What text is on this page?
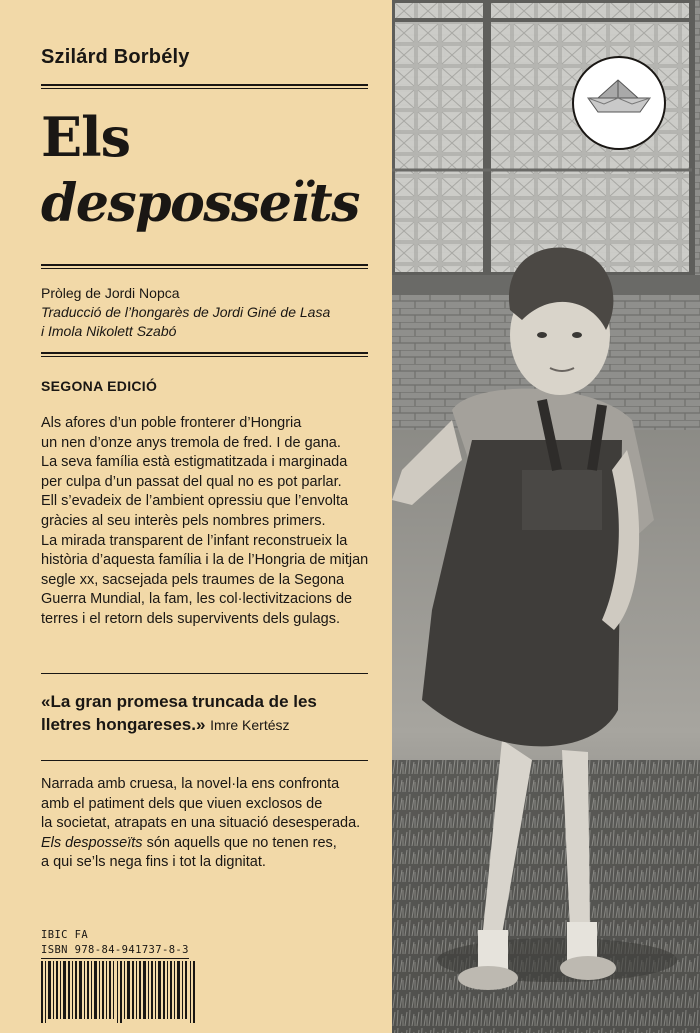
Szilárd Borbély
Els
desposseïts
Pròleg de Jordi Nopca
Traducció de l’hongarès de Jordi Giné de Lasa
i Imola Nikolett Szabó
SEGONA EDICIÓ
Als afores d’un poble fronterer d’Hongria
un nen d’onze anys tremola de fred. I de gana.
La seva família està estigmatitzada i marginada
per culpa d’un passat del qual no es pot parlar.
Ell s’evadeix de l’ambient opressiu que l’envolta
gràcies al seu interès pels nombres primers.
La mirada transparent de l’infant reconstrueix la
història d’aquesta família i la de l’Hongria de mitjan
segle xx, sacsejada pels traumes de la Segona
Guerra Mundial, la fam, les col·lectivitzacions de
terres i el retorn dels supervivents dels gulags.
«La gran promesa truncada de les
lletres hongareses.» Imre Kertész
Narrada amb cruesa, la novel·la ens confronta
amb el patiment dels que viuen exclosos de
la societat, atrapats en una situació desesperada.
Els desposseïts són aquells que no tenen res,
a qui se’ls nega fins i tot la dignitat.
IBIC FA
ISBN 978-84-941737-8-3
